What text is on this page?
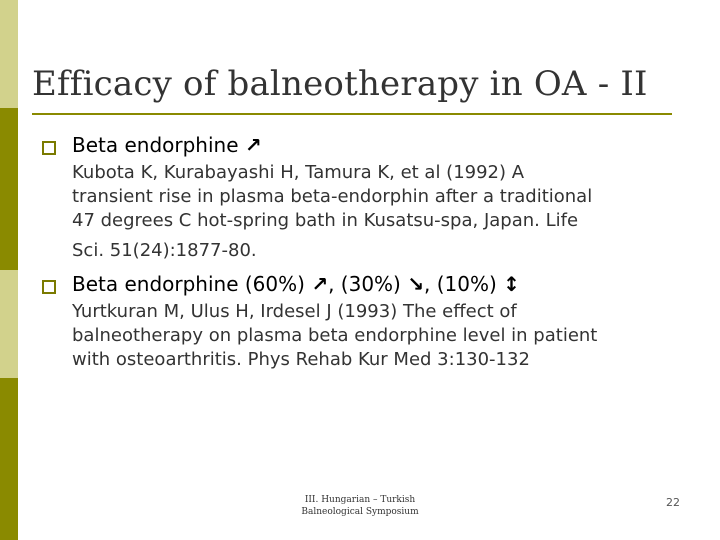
Efficacy of balneotherapy in OA - II
Beta endorphine ↗
Kubota K, Kurabayashi H, Tamura K, et al (1992) A
transient rise in plasma beta-endorphin after a traditional
47 degrees C hot-spring bath in Kusatsu-spa, Japan. Life
Sci. 51(24):1877-80.
Beta endorphine (60%) ↗, (30%) ↘, (10%) ↕
Yurtkuran M, Ulus H, Irdesel J (1993) The effect of
balneotherapy on plasma beta endorphine level in patient
with osteoarthritis. Phys Rehab Kur Med 3:130-132
III. Hungarian – Turkish
Balneological Symposium
22
